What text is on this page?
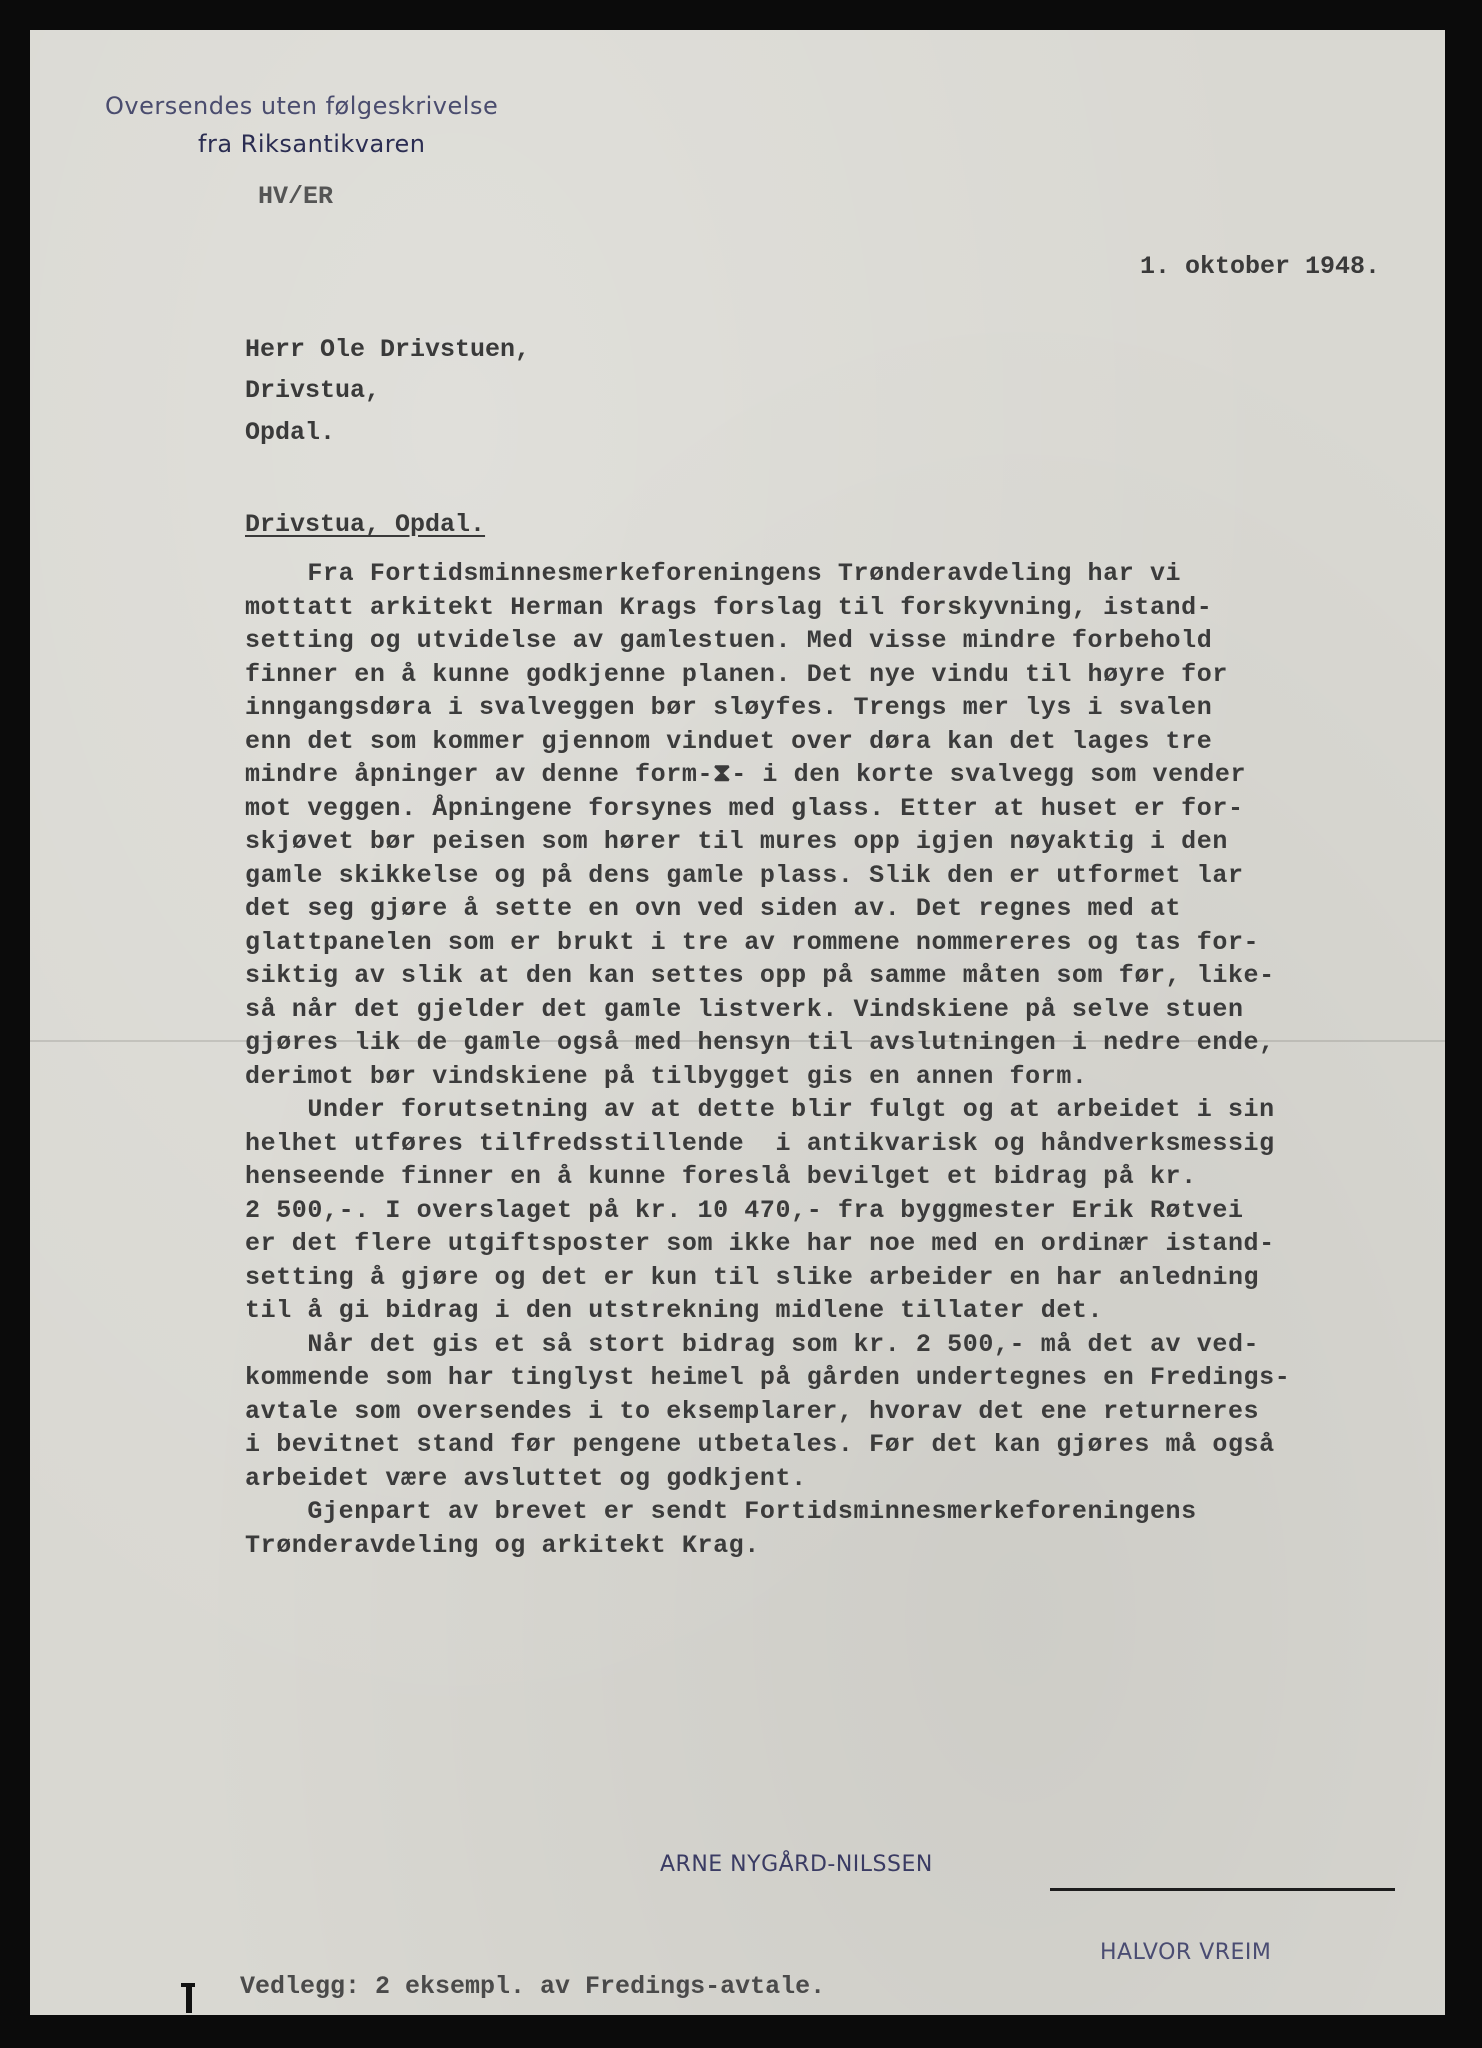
Oversendes uten følgeskrivelse
fra Riksantikvaren
HV/ER
1. oktober 1948.
Herr Ole Drivstuen,
Drivstua,
Opdal.
Drivstua, Opdal.
Fra Fortidsminnesmerkeforeningens Trønderavdeling har vi
mottatt arkitekt Herman Krags forslag til forskyvning, istand-
setting og utvidelse av gamlestuen. Med visse mindre forbehold
finner en å kunne godkjenne planen. Det nye vindu til høyre for
inngangsdøra i svalveggen bør sløyfes. Trengs mer lys i svalen
enn det som kommer gjennom vinduet over døra kan det lages tre
mindre åpninger av denne form-⧗- i den korte svalvegg som vender
mot veggen. Åpningene forsynes med glass. Etter at huset er for-
skjøvet bør peisen som hører til mures opp igjen nøyaktig i den
gamle skikkelse og på dens gamle plass. Slik den er utformet lar
det seg gjøre å sette en ovn ved siden av. Det regnes med at
glattpanelen som er brukt i tre av rommene nommereres og tas for-
siktig av slik at den kan settes opp på samme måten som før, like-
så når det gjelder det gamle listverk. Vindskiene på selve stuen
gjøres lik de gamle også med hensyn til avslutningen i nedre ende,
derimot bør vindskiene på tilbygget gis en annen form.
Under forutsetning av at dette blir fulgt og at arbeidet i sin
helhet utføres tilfredsstillende  i antikvarisk og håndverksmessig
henseende finner en å kunne foreslå bevilget et bidrag på kr.
2 500,-. I overslaget på kr. 10 470,- fra byggmester Erik Røtvei
er det flere utgiftsposter som ikke har noe med en ordinær istand-
setting å gjøre og det er kun til slike arbeider en har anledning
til å gi bidrag i den utstrekning midlene tillater det.
Når det gis et så stort bidrag som kr. 2 500,- må det av ved-
kommende som har tinglyst heimel på gården undertegnes en Fredings-
avtale som oversendes i to eksemplarer, hvorav det ene returneres
i bevitnet stand før pengene utbetales. Før det kan gjøres må også
arbeidet være avsluttet og godkjent.
Gjenpart av brevet er sendt Fortidsminnesmerkeforeningens
Trønderavdeling og arkitekt Krag.
ARNE NYGÅRD-NILSSEN
HALVOR VREIM
Vedlegg: 2 eksempl. av Fredings-avtale.
